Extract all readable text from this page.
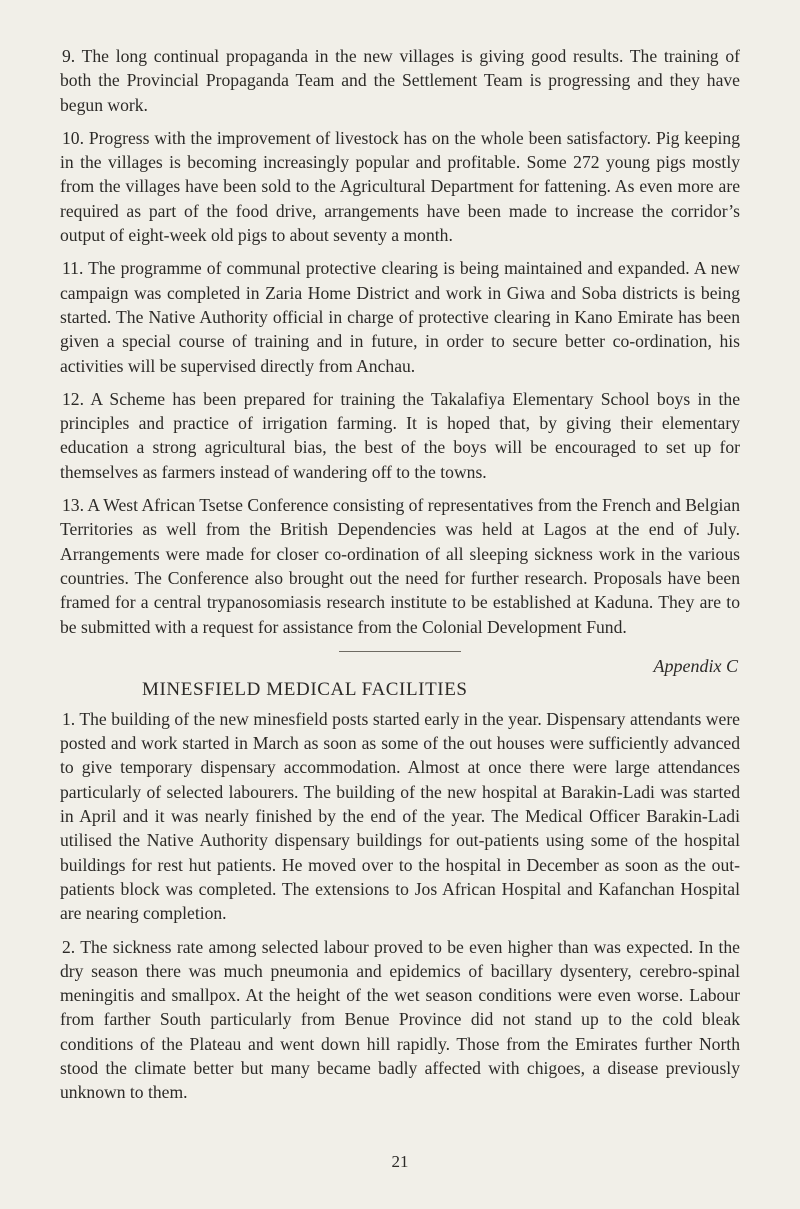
9. The long continual propaganda in the new villages is giving good results. The training of both the Provincial Propaganda Team and the Settlement Team is progressing and they have begun work.

10. Progress with the improvement of livestock has on the whole been satisfactory. Pig keeping in the villages is becoming increasingly popular and profitable. Some 272 young pigs mostly from the villages have been sold to the Agricultural Department for fattening. As even more are required as part of the food drive, arrangements have been made to increase the corridor’s output of eight-week old pigs to about seventy a month.

11. The programme of communal protective clearing is being maintained and expanded. A new campaign was completed in Zaria Home District and work in Giwa and Soba districts is being started. The Native Authority official in charge of protective clearing in Kano Emirate has been given a special course of training and in future, in order to secure better co-ordination, his activities will be supervised directly from Anchau.

12. A Scheme has been prepared for training the Takalafiya Elementary School boys in the principles and practice of irrigation farming. It is hoped that, by giving their elementary education a strong agricultural bias, the best of the boys will be encouraged to set up for themselves as farmers instead of wandering off to the towns.

13. A West African Tsetse Conference consisting of representatives from the French and Belgian Territories as well from the British Dependencies was held at Lagos at the end of July. Arrangements were made for closer co-ordination of all sleeping sickness work in the various countries. The Conference also brought out the need for further research. Proposals have been framed for a central trypanosomiasis research institute to be established at Kaduna. They are to be submitted with a request for assistance from the Colonial Development Fund.

Appendix C
MINESFIELD MEDICAL FACILITIES

1. The building of the new minesfield posts started early in the year. Dispensary attendants were posted and work started in March as soon as some of the out houses were sufficiently advanced to give temporary dispensary accommodation. Almost at once there were large attendances particularly of selected labourers. The building of the new hospital at Barakin-Ladi was started in April and it was nearly finished by the end of the year. The Medical Officer Barakin-Ladi utilised the Native Authority dispensary buildings for out-patients using some of the hospital buildings for rest hut patients. He moved over to the hospital in December as soon as the out-patients block was completed. The extensions to Jos African Hospital and Kafanchan Hospital are nearing completion.

2. The sickness rate among selected labour proved to be even higher than was expected. In the dry season there was much pneumonia and epidemics of bacillary dysentery, cerebro-spinal meningitis and smallpox. At the height of the wet season conditions were even worse. Labour from farther South particularly from Benue Province did not stand up to the cold bleak conditions of the Plateau and went down hill rapidly. Those from the Emirates further North stood the climate better but many became badly affected with chigoes, a disease previously unknown to them.

21
